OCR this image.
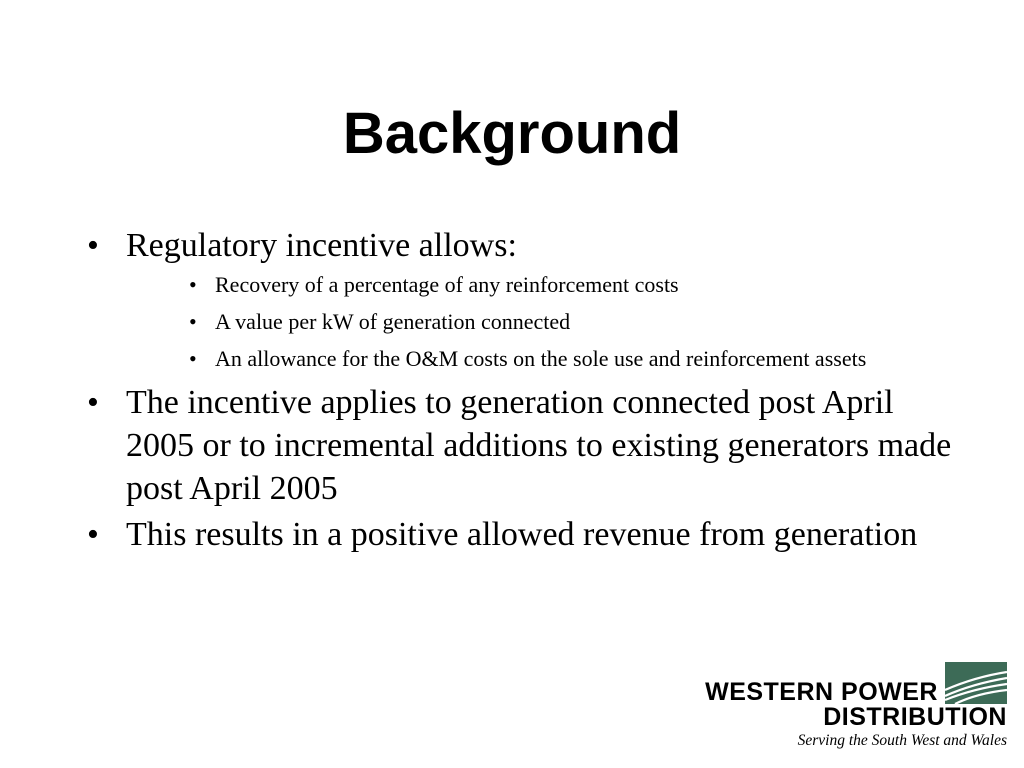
Background
• Regulatory incentive allows:
• Recovery of a percentage of any reinforcement costs
• A value per kW of generation connected
• An allowance for the O&M costs on the sole use and reinforcement assets
• The incentive applies to generation connected post April 2005 or to incremental additions to existing generators made post April 2005
• This results in a positive allowed revenue from generation
WESTERN POWER
DISTRIBUTION
Serving the South West and Wales
